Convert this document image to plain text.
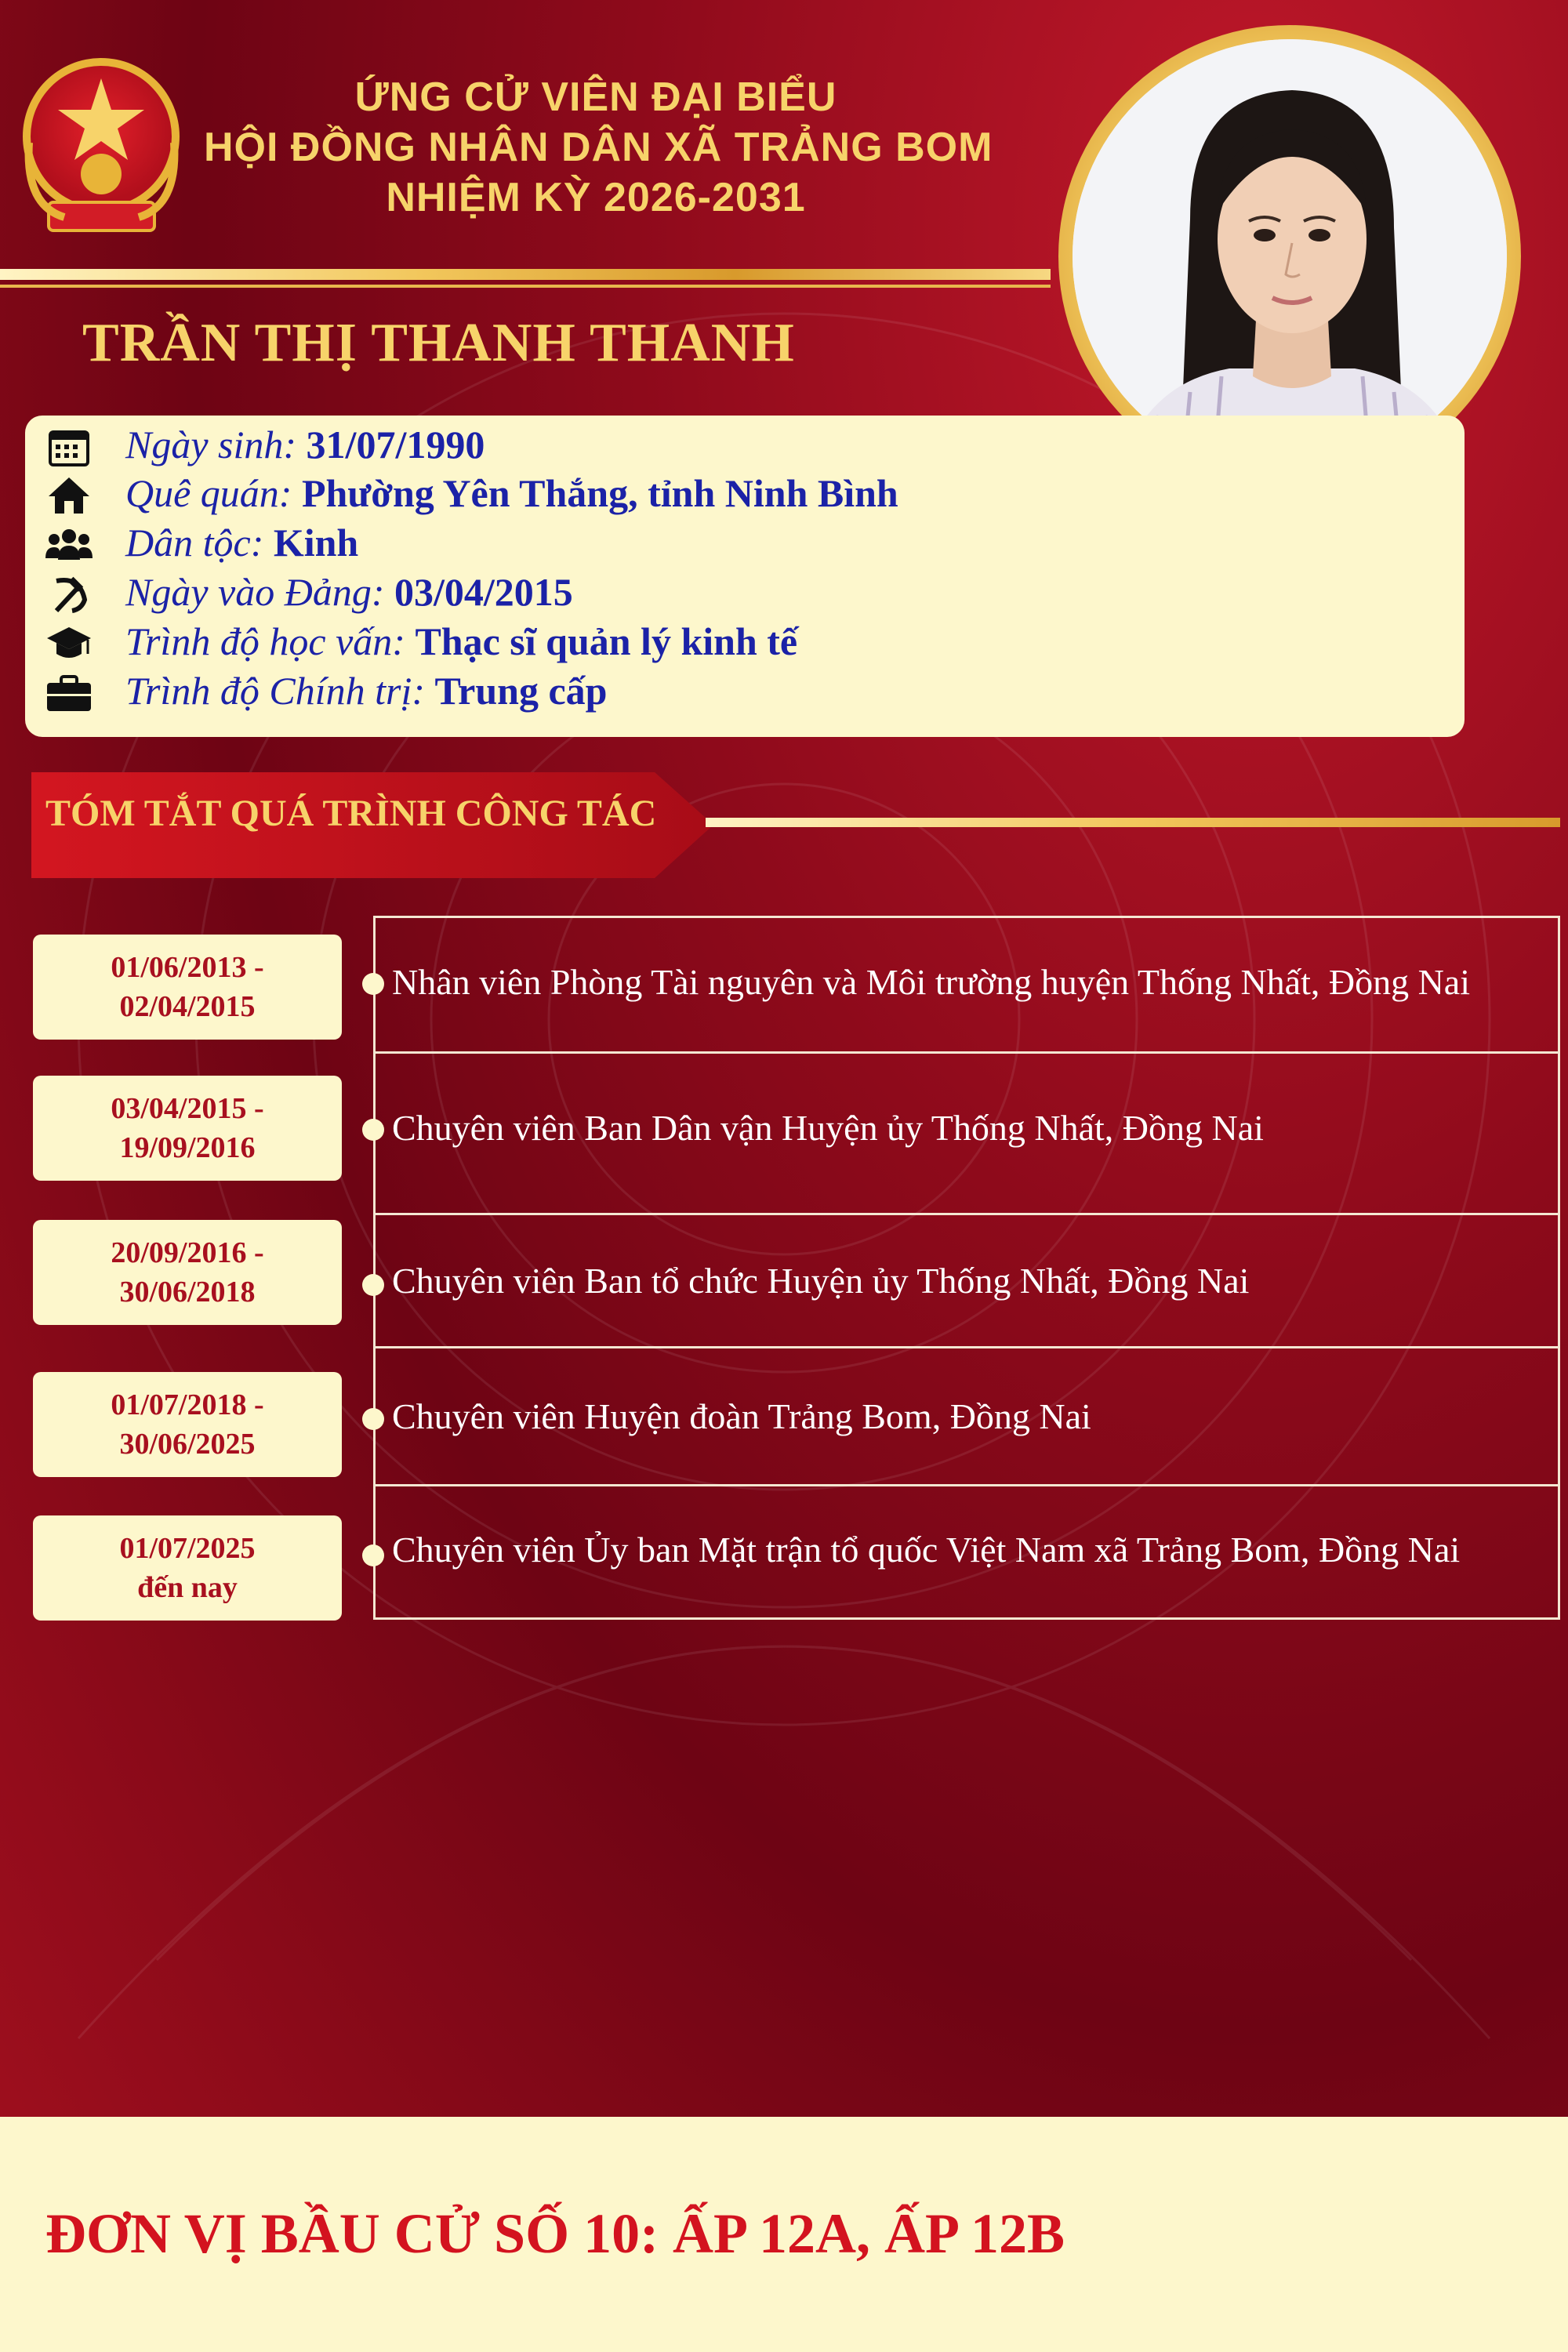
ỨNG CỬ VIÊN ĐẠI BIỂU
HỘI ĐỒNG NHÂN DÂN XÃ TRẢNG BOM
NHIỆM KỲ 2026-2031
TRẦN THỊ THANH THANH
Ngày sinh: 31/07/1990
Quê quán: Phường Yên Thắng, tỉnh Ninh Bình
Dân tộc: Kinh
Ngày vào Đảng: 03/04/2015
Trình độ học vấn: Thạc sĩ quản lý kinh tế
Trình độ Chính trị: Trung cấp
TÓM TẮT QUÁ TRÌNH CÔNG TÁC
01/06/2013 -
02/04/2015
Nhân viên Phòng Tài nguyên và Môi trường huyện Thống Nhất, Đồng Nai
03/04/2015 -
19/09/2016	Chuyên viên Ban Dân vận Huyện ủy Thống Nhất, Đồng Nai
20/09/2016 -
30/06/2018	Chuyên viên Ban tổ chức Huyện ủy Thống Nhất, Đồng Nai
01/07/2018 -
30/06/2025
Chuyên viên Huyện đoàn Trảng Bom, Đồng Nai
01/07/2025
đến nay
Chuyên viên Ủy ban Mặt trận tổ quốc Việt Nam xã Trảng Bom, Đồng Nai
ĐƠN VỊ BẦU CỬ SỐ 10: ẤP 12A, ẤP 12B
